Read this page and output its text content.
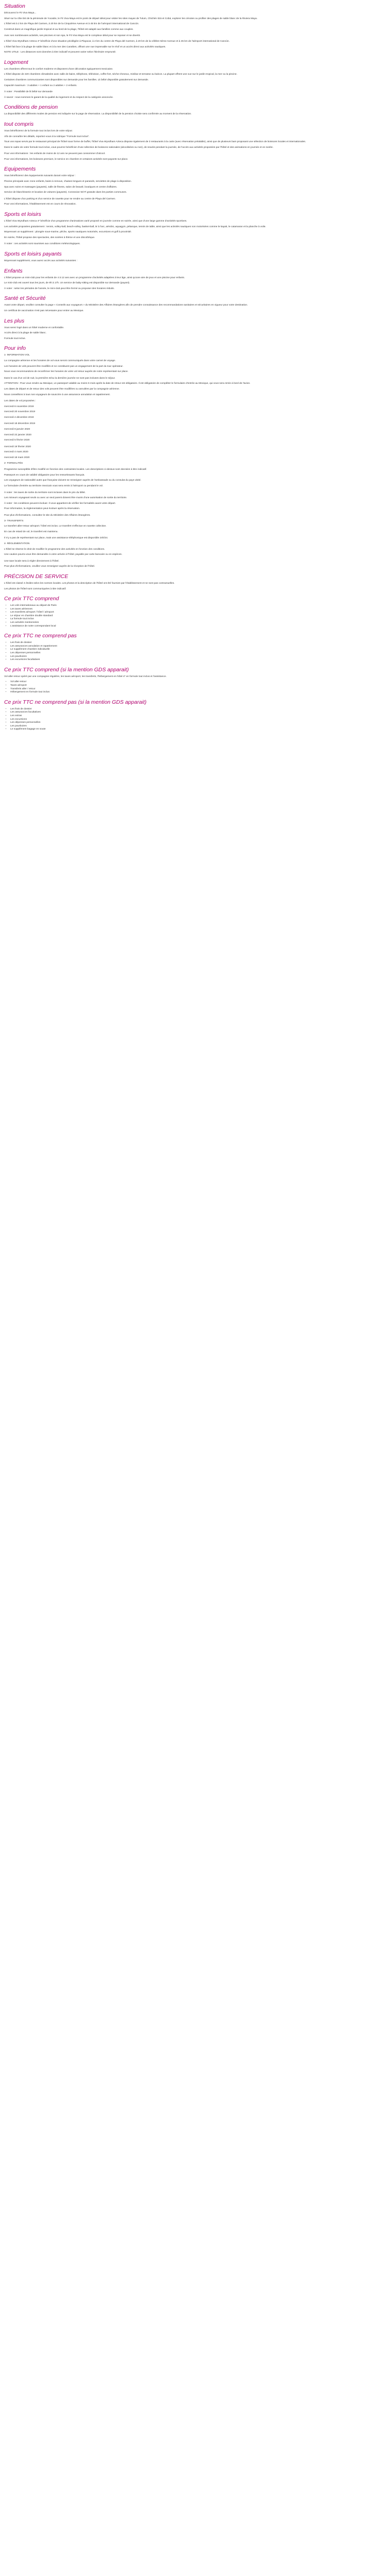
Situation

Découvrez le Fit Viva Maya...

Situé sur la côte Est de la péninsule de Yucatán, le Fit Viva Maya est le point de départ idéal pour visiter les sites mayas de Tulum, Chichén Itzá et Cobá, explorer les cénotes ou profiter des plages de sable blanc de la Riviera Maya.

L'hôtel est à 2 km de Playa del Carmen, à 20 km de la Cinquième Avenue et à 45 km de l'aéroport international de Cancún.

Construit dans un magnifique jardin tropical et au bord de la plage, l'hôtel est adapté aux familles comme aux couples.

Avec ses nombreuses activités, ses piscines et son spa, le Fit Viva Maya est le complexe idéal pour se reposer et se divertir.

L'hôtel Viva Wyndham Azteca 4* bénéficie d'une situation privilégiée à Playacar, à 2 km du centre de Playa del Carmen, à 20 km de la célèbre 5ème Avenue et à 45 km de l'aéroport international de Cancún.

L'hôtel fait face à la plage de sable blanc et à la mer des Caraïbes, offrant une vue imprenable sur le récif et un accès direct aux activités nautiques.

NOTE UTILE : Les distances sont données à titre indicatif et peuvent varier selon l'itinéraire emprunté.

Logement

Les chambres offrent tout le confort moderne et disposent d'une décoration typiquement mexicaine.

L'hôtel dispose de 220 chambres climatisées avec salle de bains, téléphone, télévision, coffre-fort, sèche-cheveux, minibar et terrasse ou balcon. La plupart offrent une vue sur le jardin tropical, la mer ou la piscine.

Certaines chambres communicantes sont disponibles sur demande pour les familles. Lit bébé disponible gratuitement sur demande.

Capacité maximum : 3 adultes + 1 enfant ou 2 adultes + 2 enfants.

À noter : Possibilité de lit bébé sur demande

À savoir : nous sommes le garant de la qualité du logement et du respect de la catégorie annoncée.

Conditions de pension

La disponibilité des différents modes de pension est indiquée sur la page de réservation. La disponibilité de la pension choisie sera confirmée au moment de la réservation.

tout compris

Vous bénéficierez de la formule tout inclus lors de votre séjour.

Afin de connaître les détails, reportez-vous à la rubrique "Formule tout inclus".

Tous vos repas servis par le restaurant principal de l'hôtel sous forme de buffet, l'hôtel Viva Wyndham Azteca dispose également de 3 restaurants à la carte (avec réservation préalable), ainsi que de plusieurs bars proposant une sélection de boissons locales et internationales.

Dans le cadre de votre formule tout inclus, vous pourrez bénéficier d'une sélection de boissons nationales (alcoolisées ou non), de snacks pendant la journée, de l'accès aux activités proposées par l'hôtel et des animations en journée et en soirée.

Pour vos informations : les enfants de moins de 12 ans ne peuvent pas consommer d'alcool.

Pour vos informations, les boissons premium, le service en chambre et certaines activités sont payants sur place.

Equipements

Vous bénéficierez des équipements suivants durant votre séjour :

Piscine principale avec zone enfants, bains à remous, chaises longues et parasols, serviettes de plage à disposition.

Spa avec soins et massages (payants), salle de fitness, salon de beauté, boutiques et centre d'affaires.

Service de blanchisserie et location de voitures (payants). Connexion Wi-Fi gratuite dans les parties communes.

L'hôtel dispose d'un parking et d'un service de navette pour se rendre au centre de Playa del Carmen.

Pour vos informations, l'établissement est en cours de rénovation.

Sports et loisirs

L'hôtel Viva Wyndham Azteca 4* bénéficie d'un programme d'animations varié proposé en journée comme en soirée, ainsi que d'une large gamme d'activités sportives.

Les activités proposées gratuitement : tennis, volley-ball, beach-volley, basket-ball, tir à l'arc, aérobic, aquagym, pétanque, tennis de table, ainsi que les activités nautiques non motorisées comme le kayak, le catamaran et la planche à voile.

Moyennant un supplément : plongée sous-marine, pêche, sports nautiques motorisés, excursions et golf à proximité.

En soirée, l'hôtel propose des spectacles, des soirées à thème et une discothèque.

À noter : ces activités sont soumises aux conditions météorologiques.

Sports et loisirs payants

Moyennant supplément, vous aurez accès aux activités suivantes :

Enfants

L'hôtel propose un mini-club pour les enfants de 4 à 12 ans avec un programme d'activités adaptées à leur âge, ainsi qu'une aire de jeux et une piscine pour enfants.

Le mini-club est ouvert tous les jours, de 9h à 17h. Un service de baby-sitting est disponible sur demande (payant).

À noter : selon les périodes de l'année, le mini-club peut être fermé ou proposer des horaires réduits.

Santé et Sécurité

Avant votre départ, veuillez consulter la page « Conseils aux voyageurs » du Ministère des Affaires étrangères afin de prendre connaissance des recommandations sanitaires et sécuritaires en vigueur pour votre destination.

Un certificat de vaccination n'est pas nécessaire pour entrer au Mexique.

Les plus

Vous serez logé dans un hôtel moderne et confortable.

Accès direct à la plage de sable blanc.

Formule tout inclus.

Pour info

1- INFORMATION VOL

La compagnie aérienne et les horaires de vol vous seront communiqués dans votre carnet de voyage.

Les horaires de vols peuvent être modifiés et ne constituent pas un engagement de la part du tour opérateur.

Nous vous recommandons de reconfirmer les horaires de votre vol retour auprès de notre représentant sur place.

Dans le cas d'un vol de nuit, la première et/ou la dernière journée ne sont pas incluses dans le séjour.

ATTENTION : Pour vous rendre au Mexique, un passeport valable au moins 6 mois après la date de retour est obligatoire. Il est obligatoire de compléter le formulaire d'entrée au Mexique, qui vous sera remis à bord de l'avion.

Les dates de départ et de retour des vols peuvent être modifiées ou annulées par la compagnie aérienne.

Nous conseillons à tous nos voyageurs de souscrire à une assurance annulation et rapatriement.

Les dates de vol proposées :

mercredi 6 novembre 2019

mercredi 20 novembre 2019

mercredi 4 décembre 2019

mercredi 18 décembre 2019

mercredi 8 janvier 2020

mercredi 22 janvier 2020

mercredi 5 février 2020

mercredi 19 février 2020

mercredi 4 mars 2020

mercredi 18 mars 2020

2- FORMALITÉS

Programme susceptible d'être modifié en fonction des contraintes locales. Les descriptions ci-dessus sont données à titre indicatif.

Passeport en cours de validité obligatoire pour les ressortissants français.

Les voyageurs de nationalité autre que française doivent se renseigner auprès de l'ambassade ou du consulat du pays visité.

Le formulaire d'entrée au territoire mexicain vous sera remis à l'aéroport ou pendant le vol.

À noter : les taxes de sortie du territoire sont incluses dans le prix du billet.

Les mineurs voyageant seuls ou avec un seul parent doivent être munis d'une autorisation de sortie du territoire.

À noter : les conditions peuvent évoluer. Il vous appartient de vérifier les formalités avant votre départ.

Pour information, la réglementation peut évoluer après la réservation.

Pour plus d'informations, consultez le site du Ministère des Affaires étrangères.

3- TRANSFERTS

Le transfert aller-retour aéroport / hôtel est inclus. Le transfert s'effectue en navette collective.

En cas de retard de vol, le transfert est maintenu.

Il n'y a pas de représentant sur place, mais une assistance téléphonique est disponible 24h/24.

4- RÉGLEMENTATION

L'hôtel se réserve le droit de modifier le programme des activités en fonction des conditions.

Une caution pourra vous être demandée à votre arrivée à l'hôtel, payable par carte bancaire ou en espèces.

Une taxe locale sera à régler directement à l'hôtel.

Pour plus d'informations, veuillez vous renseigner auprès de la réception de l'hôtel.

PRÉCISION DE SERVICE

L'hôtel est classé 4 étoiles selon les normes locales. Les photos et la description de l'hôtel ont été fournies par l'établissement et ne sont pas contractuelles.

Les photos de l'hôtel sont communiquées à titre indicatif.

Ce prix TTC comprend
• Les vols internationaux au départ de Paris
• Les taxes aériennes
• Les transferts aéroport / hôtel / aéroport
• Le séjour en chambre double standard
• La formule tout inclus
• Les activités mentionnées
• L'assistance de notre correspondant local
Ce prix TTC ne comprend pas
• Les frais de dossier
• Les assurances annulation et rapatriement
• Le supplément chambre individuelle
• Les dépenses personnelles
• Les pourboires
• Les excursions facultatives
Ce prix TTC comprend (si la mention GDS apparait)

Vol aller-retour opéré par une compagnie régulière, les taxes aéroport, les transferts, l'hébergement en hôtel 4* en formule tout inclus et l'assistance.

• Vol aller-retour
• Taxes aéroport
• Transferts aller / retour
• Hébergement en formule tout inclus
Ce prix TTC ne comprend pas (si la mention GDS apparait)
• Les frais de dossier
• Les assurances facultatives
• Les extras
• Les excursions
• Les dépenses personnelles
• Les pourboires
• Le supplément bagage en soute
